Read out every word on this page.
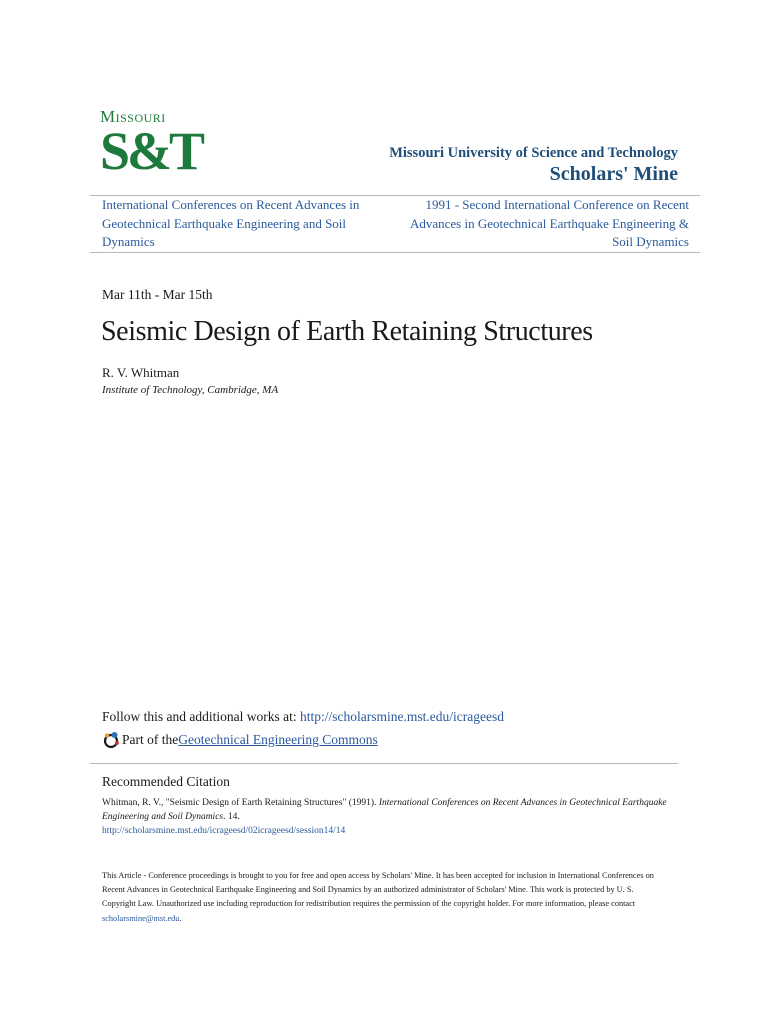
Missouri
S&T	Missouri University of Science and Technology
Scholars' Mine
International Conferences on Recent Advances in Geotechnical Earthquake Engineering and Soil Dynamics
1991 - Second International Conference on Recent Advances in Geotechnical Earthquake Engineering & Soil Dynamics
Mar 11th - Mar 15th
Seismic Design of Earth Retaining Structures
R. V. Whitman
Institute of Technology, Cambridge, MA
Follow this and additional works at: http://scholarsmine.mst.edu/icrageesd
Part of the Geotechnical Engineering Commons
Recommended Citation
Whitman, R. V., "Seismic Design of Earth Retaining Structures" (1991). International Conferences on Recent Advances in Geotechnical Earthquake Engineering and Soil Dynamics. 14.
http://scholarsmine.mst.edu/icrageesd/02icrageesd/session14/14
This Article - Conference proceedings is brought to you for free and open access by Scholars' Mine. It has been accepted for inclusion in International Conferences on Recent Advances in Geotechnical Earthquake Engineering and Soil Dynamics by an authorized administrator of Scholars' Mine. This work is protected by U. S. Copyright Law. Unauthorized use including reproduction for redistribution requires the permission of the copyright holder. For more information, please contact scholarsmine@mst.edu.
